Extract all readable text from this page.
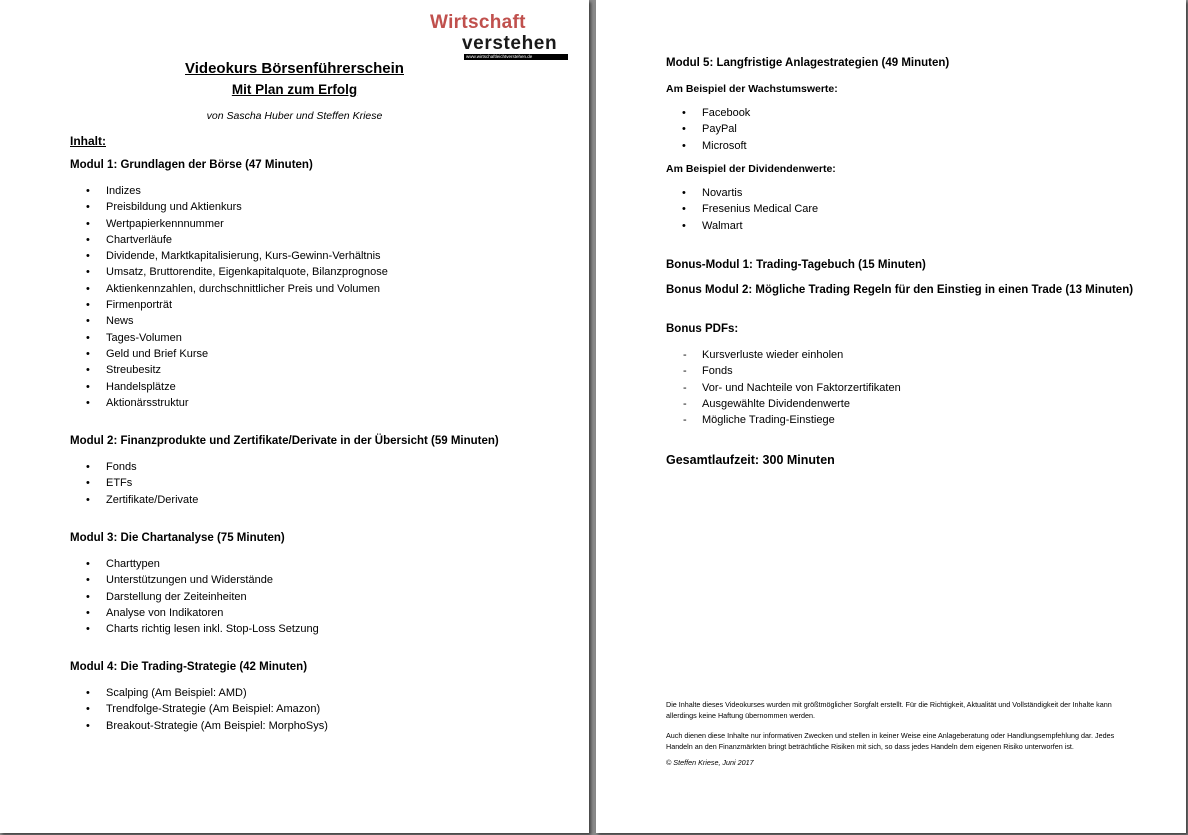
Wirtschaft
verstehen
www.wirtschaftleichtverstehen.de
Videokurs Börsenführerschein
Mit Plan zum Erfolg
von Sascha Huber und Steffen Kriese
Inhalt:
Modul 1: Grundlagen der Börse (47 Minuten)
• Indizes
• Preisbildung und Aktienkurs
• Wertpapierkennnummer
• Chartverläufe
• Dividende, Marktkapitalisierung, Kurs-Gewinn-Verhältnis
• Umsatz, Bruttorendite, Eigenkapitalquote, Bilanzprognose
• Aktienkennzahlen, durchschnittlicher Preis und Volumen
• Firmenporträt
• News
• Tages-Volumen
• Geld und Brief Kurse
• Streubesitz
• Handelsplätze
• Aktionärsstruktur
Modul 2: Finanzprodukte und Zertifikate/Derivate in der Übersicht (59 Minuten)
• Fonds
• ETFs
• Zertifikate/Derivate
Modul 3: Die Chartanalyse (75 Minuten)
• Charttypen
• Unterstützungen und Widerstände
• Darstellung der Zeiteinheiten
• Analyse von Indikatoren
• Charts richtig lesen inkl. Stop-Loss Setzung
Modul 4: Die Trading-Strategie (42 Minuten)
• Scalping (Am Beispiel: AMD)
• Trendfolge-Strategie (Am Beispiel: Amazon)
• Breakout-Strategie (Am Beispiel: MorphoSys)
Modul 5: Langfristige Anlagestrategien (49 Minuten)
Am Beispiel der Wachstumswerte:
• Facebook
• PayPal
• Microsoft
Am Beispiel der Dividendenwerte:
• Novartis
• Fresenius Medical Care
• Walmart
Bonus-Modul 1: Trading-Tagebuch (15 Minuten)
Bonus Modul 2: Mögliche Trading Regeln für den Einstieg in einen Trade (13 Minuten)
Bonus PDFs:
- Kursverluste wieder einholen
- Fonds
- Vor- und Nachteile von Faktorzertifikaten
- Ausgewählte Dividendenwerte
- Mögliche Trading-Einstiege
Gesamtlaufzeit: 300 Minuten
Die Inhalte dieses Videokurses wurden mit größtmöglicher Sorgfalt erstellt. Für die Richtigkeit, Aktualität und Vollständigkeit der Inhalte kann allerdings keine Haftung übernommen werden.
Auch dienen diese Inhalte nur informativen Zwecken und stellen in keiner Weise eine Anlageberatung oder Handlungsempfehlung dar. Jedes Handeln an den Finanzmärkten bringt beträchtliche Risiken mit sich, so dass jedes Handeln dem eigenen Risiko unterworfen ist.
© Steffen Kriese, Juni 2017
